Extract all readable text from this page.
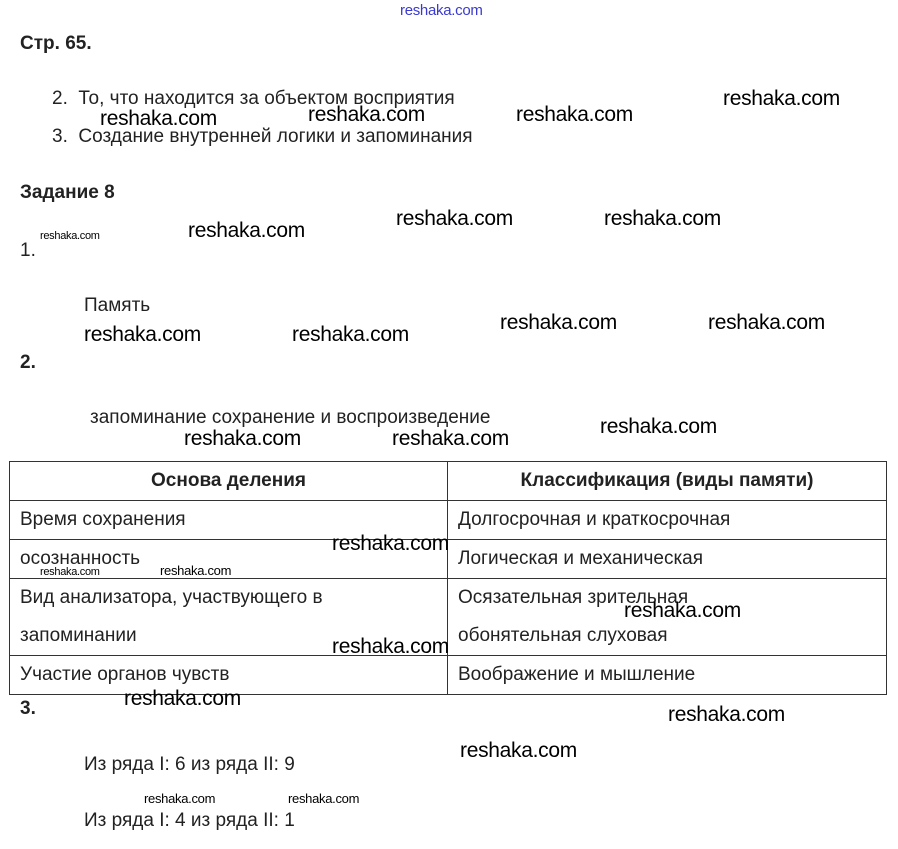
reshaka.com
Стр. 65.
2. То, что находится за объектом восприятия
3. Создание внутренней логики и запоминания
Задание 8
1.
Память
2.
запоминание сохранение и воспроизведение
Основа деления	Классификация (виды памяти)
Время сохранения	Долгосрочная и краткосрочная
осознанность	Логическая и механическая
Вид анализатора, участвующего в запоминании	Осязательная зрительная обонятельная слуховая
Участие органов чувств	Воображение и мышление
3.
Из ряда I: 6 из ряда II: 9
Из ряда I: 4 из ряда II: 1
reshaka.com
reshaka.com	reshaka.com	reshaka.com
reshaka.com	reshaka.com
reshaka.com
reshaka.com
reshaka.com	reshaka.com
reshaka.com	reshaka.com
reshaka.com
reshaka.com	reshaka.com
reshaka.com
reshaka.com	reshaka.com
reshaka.com
reshaka.com
reshaka.com
reshaka.com
reshaka.com
reshaka.com	reshaka.com
